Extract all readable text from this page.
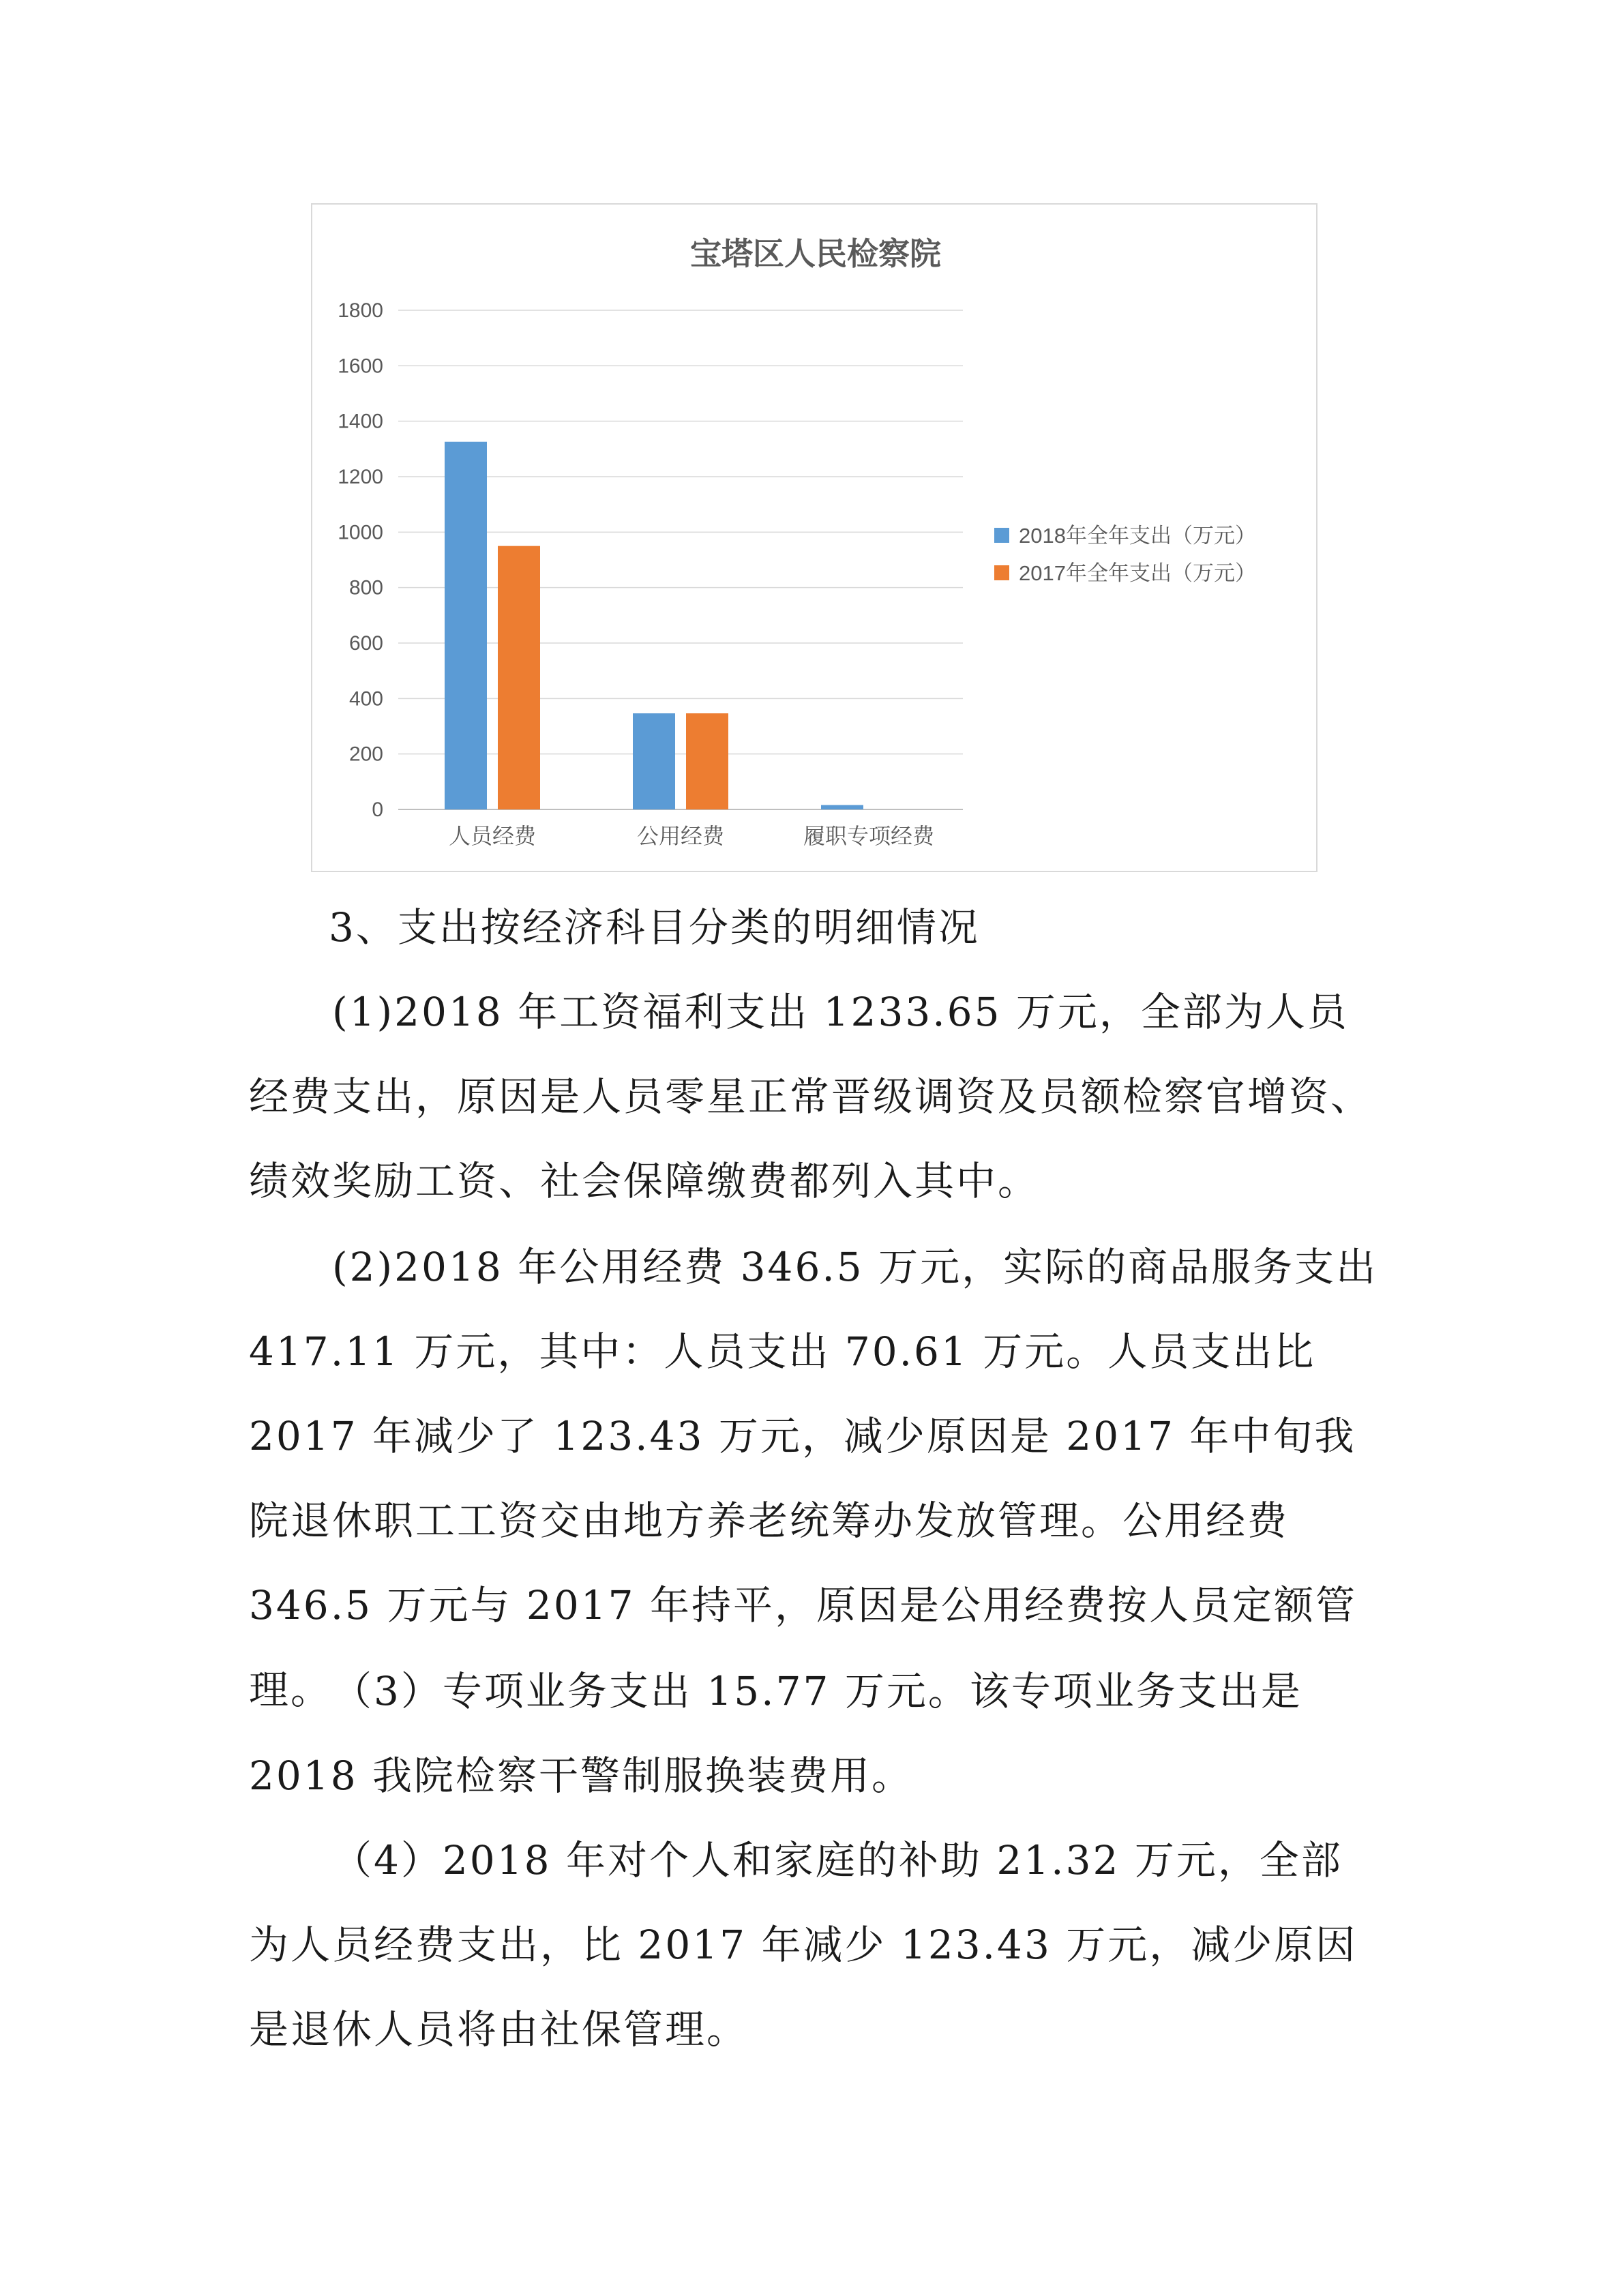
宝塔区人民检察院
0
200
400
600
800
1000
1200
1400
1600
1800
人员经费	公用经费	履职专项经费
2018年全年支出（万元）
2017年全年支出（万元）

3、支出按经济科目分类的明细情况

(1)2018 年工资福利支出 1233.65 万元，全部为人员经费支出，原因是人员零星正常晋级调资及员额检察官增资、绩效奖励工资、社会保障缴费都列入其中。

(2)2018 年公用经费 346.5 万元，实际的商品服务支出 417.11 万元，其中：人员支出 70.61 万元。人员支出比 2017 年减少了 123.43 万元，减少原因是 2017 年中旬我院退休职工工资交由地方养老统筹办发放管理。公用经费 346.5 万元与 2017 年持平，原因是公用经费按人员定额管理。 （3）专项业务支出 15.77 万元。该专项业务支出是 2018 我院检察干警制服换装费用。

（4）2018 年对个人和家庭的补助 21.32 万元，全部为人员经费支出，比 2017 年减少 123.43 万元，减少原因是退休人员将由社保管理。
